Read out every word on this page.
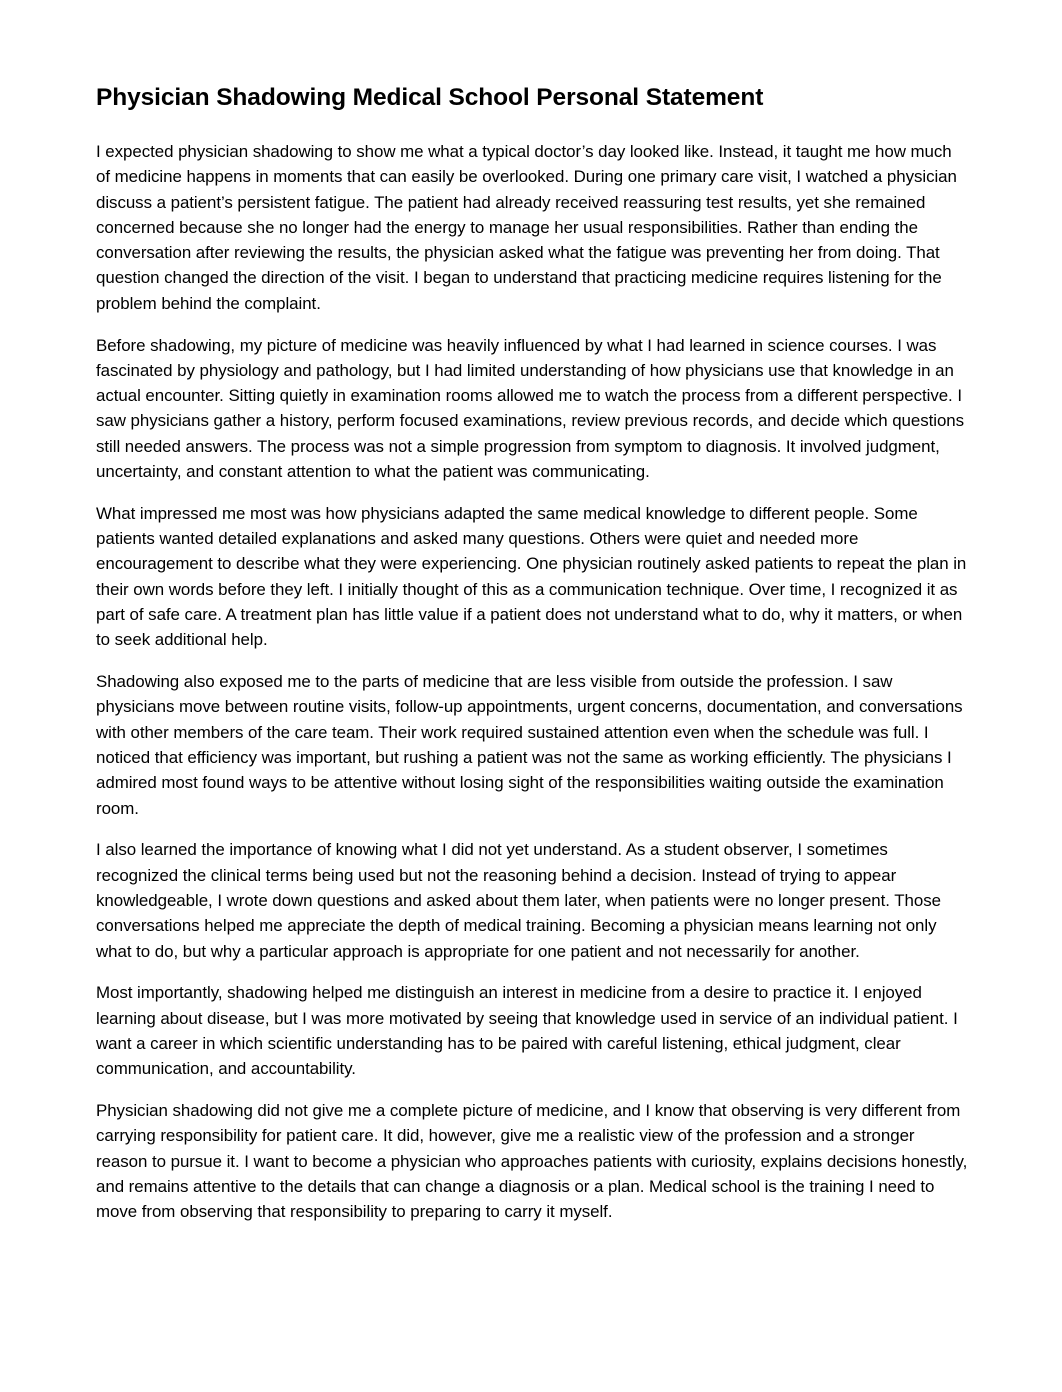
Physician Shadowing Medical School Personal Statement

I expected physician shadowing to show me what a typical doctor’s day looked like. Instead, it taught me how much of medicine happens in moments that can easily be overlooked. During one primary care visit, I watched a physician discuss a patient’s persistent fatigue. The patient had already received reassuring test results, yet she remained concerned because she no longer had the energy to manage her usual responsibilities. Rather than ending the conversation after reviewing the results, the physician asked what the fatigue was preventing her from doing. That question changed the direction of the visit. I began to understand that practicing medicine requires listening for the problem behind the complaint.

Before shadowing, my picture of medicine was heavily influenced by what I had learned in science courses. I was fascinated by physiology and pathology, but I had limited understanding of how physicians use that knowledge in an actual encounter. Sitting quietly in examination rooms allowed me to watch the process from a different perspective. I saw physicians gather a history, perform focused examinations, review previous records, and decide which questions still needed answers. The process was not a simple progression from symptom to diagnosis. It involved judgment, uncertainty, and constant attention to what the patient was communicating.

What impressed me most was how physicians adapted the same medical knowledge to different people. Some patients wanted detailed explanations and asked many questions. Others were quiet and needed more encouragement to describe what they were experiencing. One physician routinely asked patients to repeat the plan in their own words before they left. I initially thought of this as a communication technique. Over time, I recognized it as part of safe care. A treatment plan has little value if a patient does not understand what to do, why it matters, or when to seek additional help.

Shadowing also exposed me to the parts of medicine that are less visible from outside the profession. I saw physicians move between routine visits, follow-up appointments, urgent concerns, documentation, and conversations with other members of the care team. Their work required sustained attention even when the schedule was full. I noticed that efficiency was important, but rushing a patient was not the same as working efficiently. The physicians I admired most found ways to be attentive without losing sight of the responsibilities waiting outside the examination room.

I also learned the importance of knowing what I did not yet understand. As a student observer, I sometimes recognized the clinical terms being used but not the reasoning behind a decision. Instead of trying to appear knowledgeable, I wrote down questions and asked about them later, when patients were no longer present. Those conversations helped me appreciate the depth of medical training. Becoming a physician means learning not only what to do, but why a particular approach is appropriate for one patient and not necessarily for another.

Most importantly, shadowing helped me distinguish an interest in medicine from a desire to practice it. I enjoyed learning about disease, but I was more motivated by seeing that knowledge used in service of an individual patient. I want a career in which scientific understanding has to be paired with careful listening, ethical judgment, clear communication, and accountability.

Physician shadowing did not give me a complete picture of medicine, and I know that observing is very different from carrying responsibility for patient care. It did, however, give me a realistic view of the profession and a stronger reason to pursue it. I want to become a physician who approaches patients with curiosity, explains decisions honestly, and remains attentive to the details that can change a diagnosis or a plan. Medical school is the training I need to move from observing that responsibility to preparing to carry it myself.
